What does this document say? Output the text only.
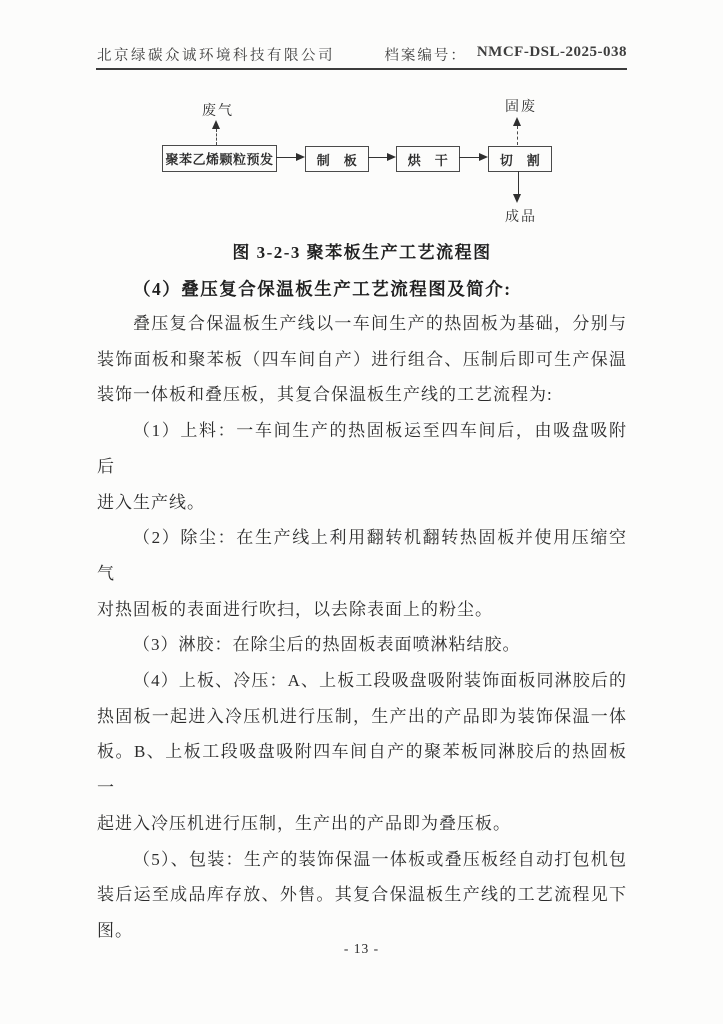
北京绿碳众诚环境科技有限公司	档案编号： NMCF-DSL-2025-038
废气
聚苯乙烯颗粒预发	制　板	烘　干	切　割
固废
成品
图 3-2-3 聚苯板生产工艺流程图
（4）叠压复合保温板生产工艺流程图及简介:
叠压复合保温板生产线以一车间生产的热固板为基础，分别与
装饰面板和聚苯板（四车间自产）进行组合、压制后即可生产保温
装饰一体板和叠压板，其复合保温板生产线的工艺流程为:
（1）上料：一车间生产的热固板运至四车间后，由吸盘吸附后
进入生产线。
（2）除尘：在生产线上利用翻转机翻转热固板并使用压缩空气
对热固板的表面进行吹扫，以去除表面上的粉尘。
（3）淋胶：在除尘后的热固板表面喷淋粘结胶。
（4）上板、冷压：A、上板工段吸盘吸附装饰面板同淋胶后的
热固板一起进入冷压机进行压制，生产出的产品即为装饰保温一体
板。B、上板工段吸盘吸附四车间自产的聚苯板同淋胶后的热固板一
起进入冷压机进行压制，生产出的产品即为叠压板。
（5）、包装：生产的装饰保温一体板或叠压板经自动打包机包
装后运至成品库存放、外售。其复合保温板生产线的工艺流程见下
图。
- 13 -
